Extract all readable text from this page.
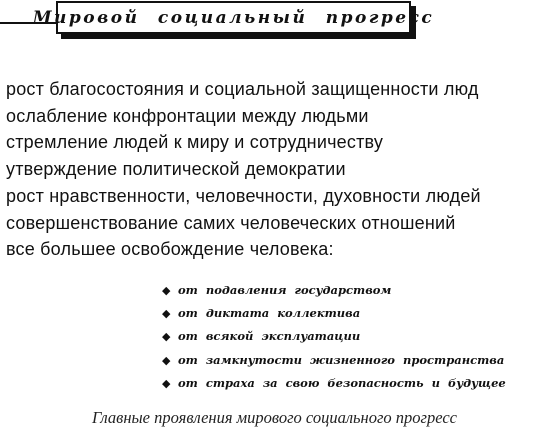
Мировой социальный прогресс
рост благосостояния и социальной защищенности люд
ослабление конфронтации между людьми
стремление людей к миру и сотрудничеству
утверждение политической демократии
рост нравственности, человечности, духовности людей
совершенствование самих человеческих отношений
все большее освобождение человека:
◆ от подавления государством
◆ от диктата коллектива
◆ от всякой эксплуатации
◆ от замкнутости жизненного пространства
◆ от страха за свою безопасность и будущее
Главные проявления мирового социального прогресс
